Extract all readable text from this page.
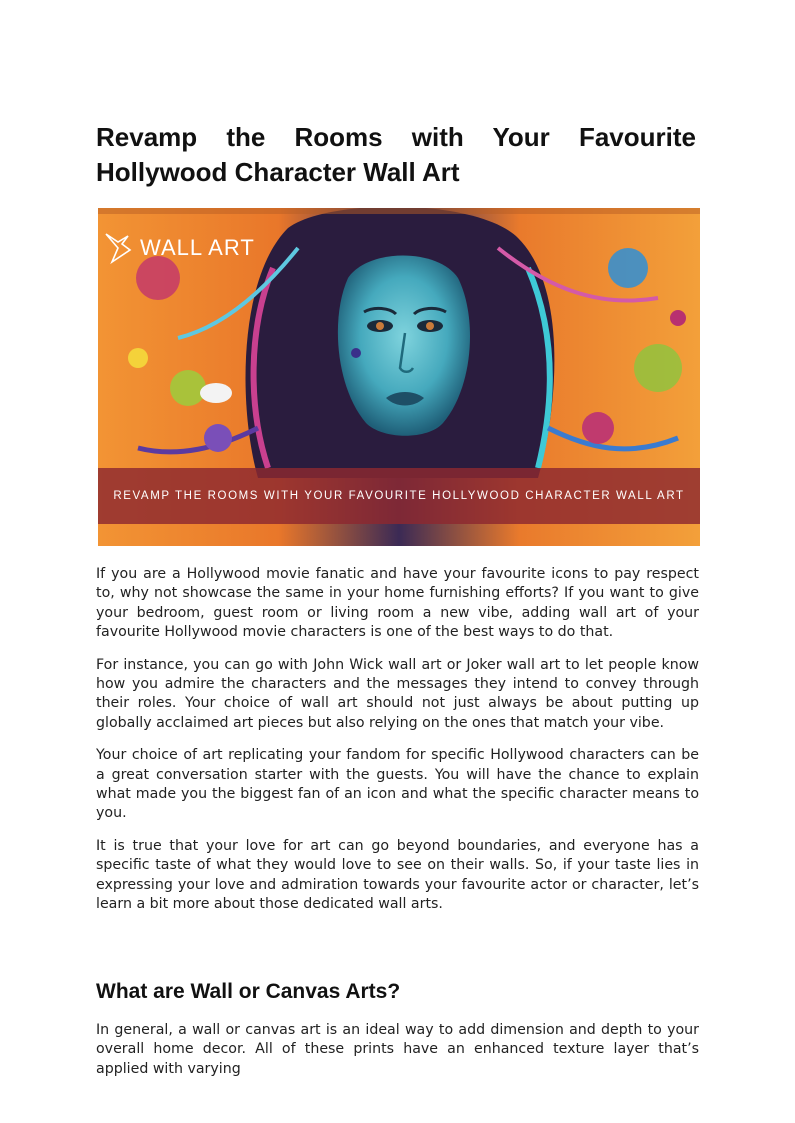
Revamp the Rooms with Your Favourite Hollywood Character Wall Art
WALL ART
REVAMP THE ROOMS WITH YOUR FAVOURITE HOLLYWOOD CHARACTER WALL ART

If you are a Hollywood movie fanatic and have your favourite icons to pay respect to, why not showcase the same in your home furnishing efforts? If you want to give your bedroom, guest room or living room a new vibe, adding wall art of your favourite Hollywood movie characters is one of the best ways to do that.

For instance, you can go with John Wick wall art or Joker wall art to let people know how you admire the characters and the messages they intend to convey through their roles. Your choice of wall art should not just always be about putting up globally acclaimed art pieces but also relying on the ones that match your vibe.

Your choice of art replicating your fandom for specific Hollywood characters can be a great conversation starter with the guests. You will have the chance to explain what made you the biggest fan of an icon and what the specific character means to you.

It is true that your love for art can go beyond boundaries, and everyone has a specific taste of what they would love to see on their walls. So, if your taste lies in expressing your love and admiration towards your favourite actor or character, let’s learn a bit more about those dedicated wall arts.

What are Wall or Canvas Arts?

In general, a wall or canvas art is an ideal way to add dimension and depth to your overall home decor. All of these prints have an enhanced texture layer that’s applied with varying
